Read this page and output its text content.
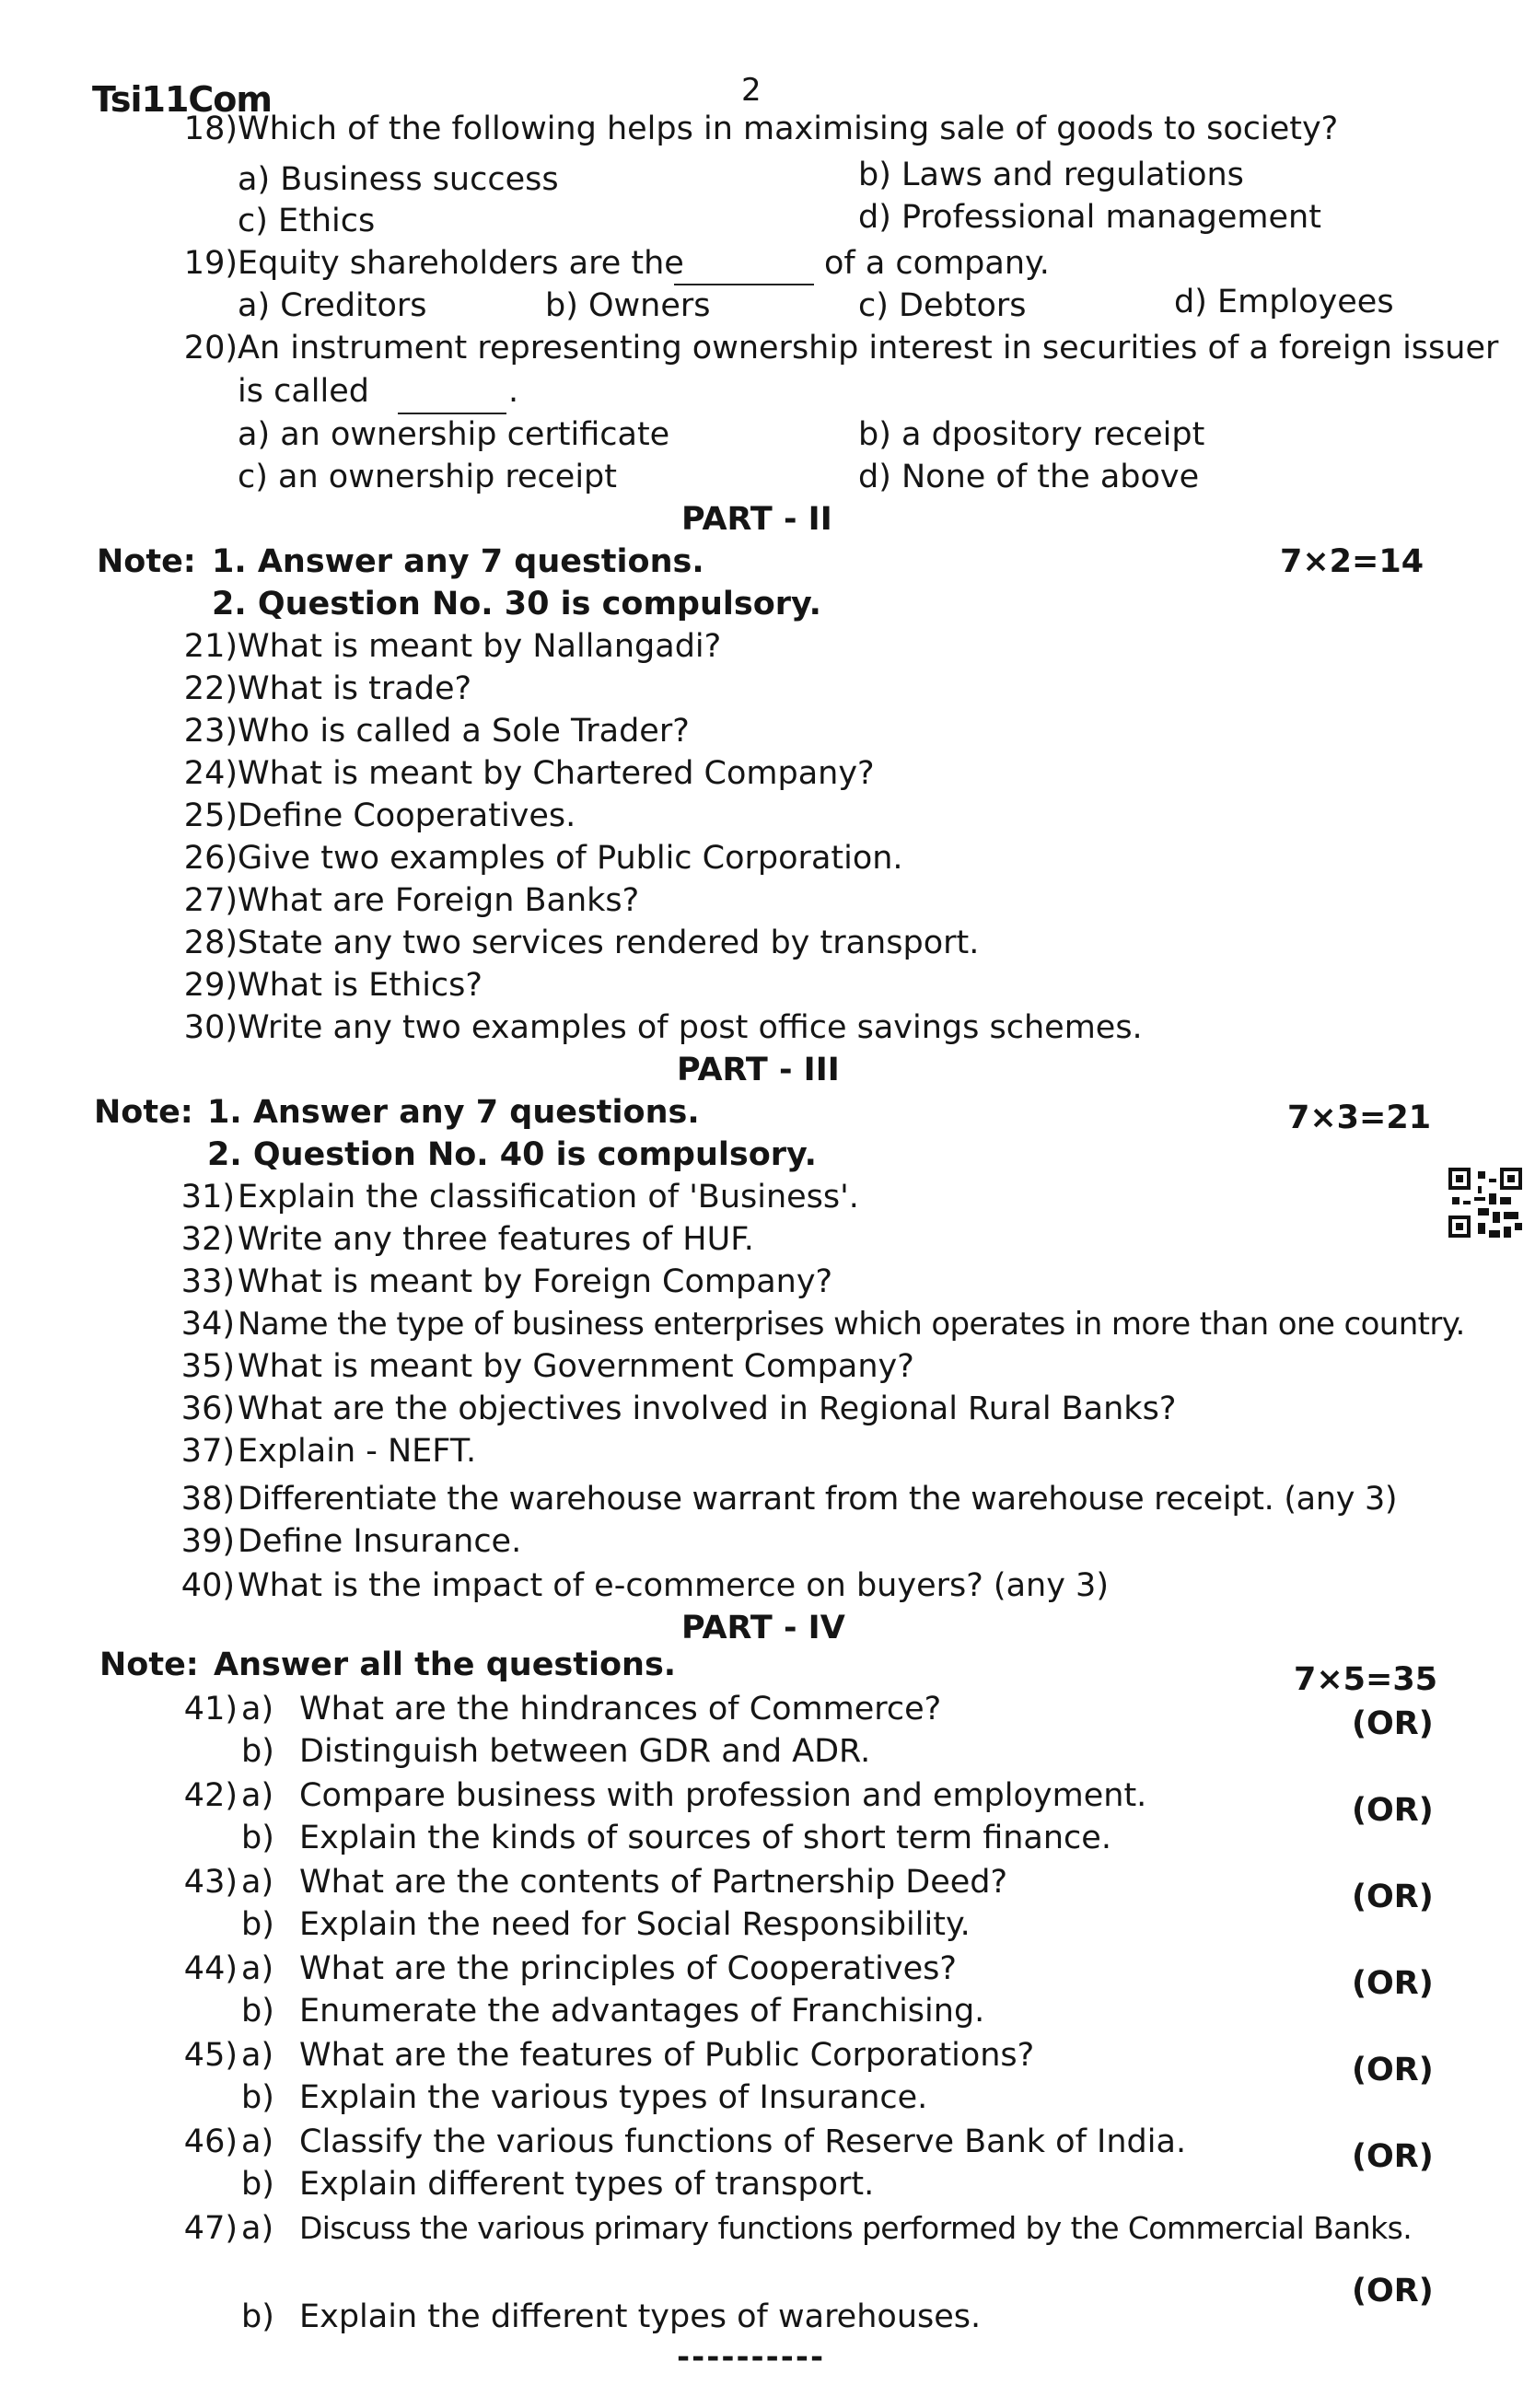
Tsi11Com	2
18) Which of the following helps in maximising sale of goods to society?
a) Business success	b) Laws and regulations
c) Ethics	d) Professional management
19) Equity shareholders are the	of a company.
a) Creditors	b) Owners	c) Debtors	d) Employees
20) An instrument representing ownership interest in securities of a foreign issuer
is called	.
a) an ownership certificate	b) a dpository receipt
c) an ownership receipt	d) None of the above
PART - II
Note: 1. Answer any 7 questions.	7×2=14
2. Question No. 30 is compulsory.
21) What is meant by Nallangadi?
22) What is trade?
23) Who is called a Sole Trader?
24) What is meant by Chartered Company?
25) Define Cooperatives.
26) Give two examples of Public Corporation.
27) What are Foreign Banks?
28) State any two services rendered by transport.
29) What is Ethics?
30) Write any two examples of post office savings schemes.
PART - III
Note: 1. Answer any 7 questions.	7×3=21
2. Question No. 40 is compulsory.
31) Explain the classification of 'Business'.
32) Write any three features of HUF.
33) What is meant by Foreign Company?
34) Name the type of business enterprises which operates in more than one country.
35) What is meant by Government Company?
36) What are the objectives involved in Regional Rural Banks?
37) Explain - NEFT.
38) Differentiate the warehouse warrant from the warehouse receipt. (any 3)
39) Define Insurance.
40) What is the impact of e-commerce on buyers? (any 3)
PART - IV
Note: Answer all the questions.	7×5=35
41) a) What are the hindrances of Commerce?	(OR)
b) Distinguish between GDR and ADR.
42) a) Compare business with profession and employment.	(OR)
b) Explain the kinds of sources of short term finance.
43) a) What are the contents of Partnership Deed?	(OR)
b) Explain the need for Social Responsibility.
44) a) What are the principles of Cooperatives?	(OR)
b) Enumerate the advantages of Franchising.
45) a) What are the features of Public Corporations?	(OR)
b) Explain the various types of Insurance.
46) a) Classify the various functions of Reserve Bank of India.	(OR)
b) Explain different types of transport.
47) a) Discuss the various primary functions performed by the Commercial Banks.
(OR)
b) Explain the different types of warehouses.
----------
